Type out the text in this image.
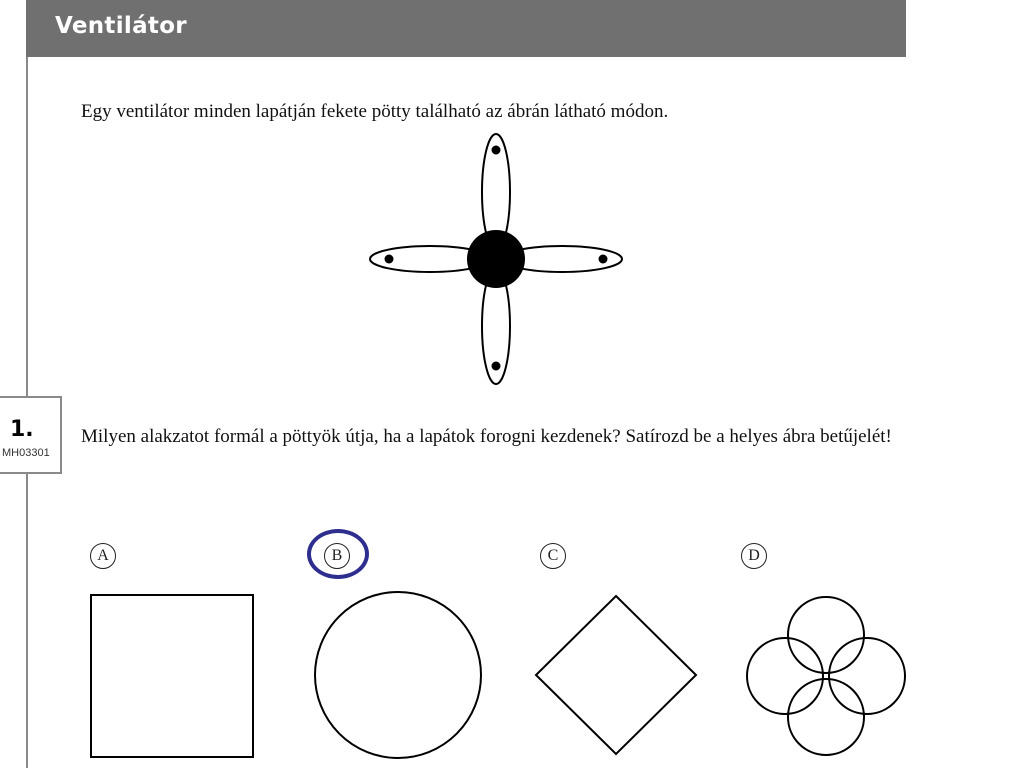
Ventilátor
Egy ventilátor minden lapátján fekete pötty található az ábrán látható módon.
1.
MH03301
Milyen alakzatot formál a pöttyök útja, ha a lapátok forogni kezdenek? Satírozd be a helyes ábra betűjelét!
A	B	C	D
